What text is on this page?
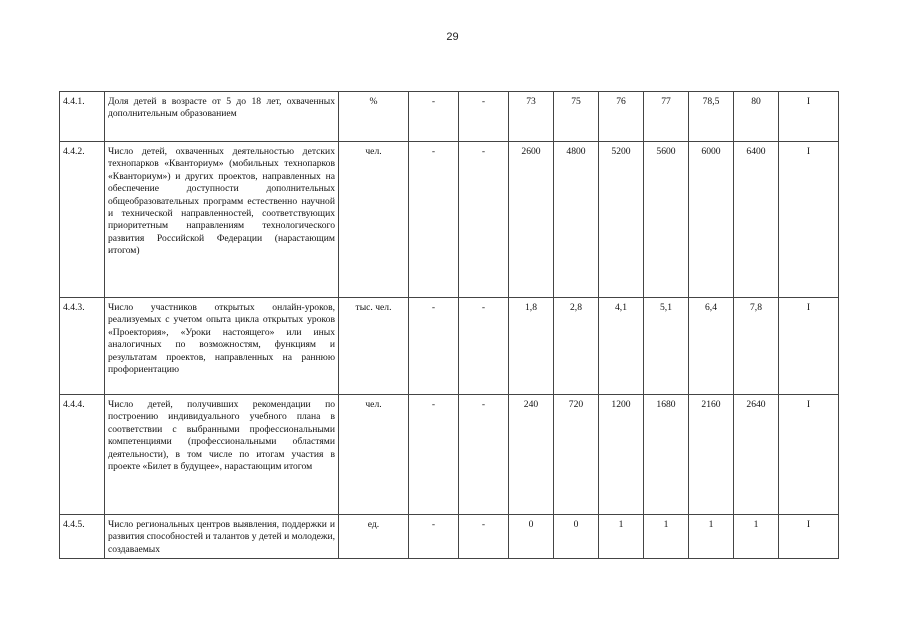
29
4.4.1.	Доля детей в возрасте от 5 до 18 лет, охваченных дополнительным образованием	%	-	-	73	75	76	77	78,5	80	I
4.4.2.	Число детей, охваченных деятельностью детских технопарков «Кванториум» (мобильных технопарков «Кванториум») и других проектов, направленных на обеспечение доступности дополнительных общеобразовательных программ естественно научной и технической направленностей, соответствующих приоритетным направлениям технологического развития Российской Федерации (нарастающим итогом)	чел.	-	-	2600	4800	5200	5600	6000	6400	I
4.4.3.	Число участников открытых онлайн-уроков, реализуемых с учетом опыта цикла открытых уроков «Проектория», «Уроки настоящего» или иных аналогичных по возможностям, функциям и результатам проектов, направленных на раннюю профориентацию	тыс. чел.	-	-	1,8	2,8	4,1	5,1	6,4	7,8	I
4.4.4.	Число детей, получивших рекомендации по построению индивидуального учебного плана в соответствии с выбранными профессиональными компетенциями (профессиональными областями деятельности), в том числе по итогам участия в проекте «Билет в будущее», нарастающим итогом	чел.	-	-	240	720	1200	1680	2160	2640	I
4.4.5.	Число региональных центров выявления, поддержки и развития способностей и талантов у детей и молодежи, создаваемых	ед.	-	-	0	0	1	1	1	1	I
